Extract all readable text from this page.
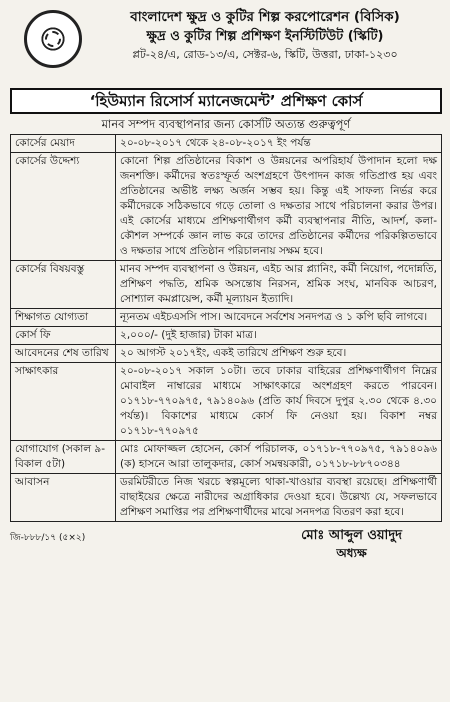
বাংলাদেশ ক্ষুদ্র ও কুটির শিল্প করপোরেশন (বিসিক)
ক্ষুদ্র ও কুটির শিল্প প্রশিক্ষণ ইনস্টিটিউট (স্কিটি)
প্লট-২৪/এ, রোড-১৩/এ, সেক্টর-৬, স্কিটি, উত্তরা, ঢাকা-১২৩০
‘হিউম্যান রিসোর্স ম্যানেজমেন্ট’ প্রশিক্ষণ কোর্স
মানব সম্পদ ব্যবস্থাপনার জন্য কোর্সটি অত্যন্ত গুরুত্বপূর্ণ
কোর্সের মেয়াদ	২০-০৮-২০১৭ থেকে ২৪-০৮-২০১৭ ইং পর্যন্ত
কোর্সের উদ্দেশ্য	কোনো শিল্প প্রতিষ্ঠানের বিকাশ ও উন্নয়নের অপরিহার্য উপাদান হলো দক্ষ জনশক্তি। কর্মীদের স্বতঃস্ফূর্ত অংশগ্রহণে উৎপাদন কাজ গতিপ্রাপ্ত হয় এবং প্রতিষ্ঠানের অভীষ্ট লক্ষ্য অর্জন সম্ভব হয়। কিন্তু এই সাফল্য নির্ভর করে কর্মীদেরকে সঠিকভাবে গড়ে তোলা ও দক্ষতার সাথে পরিচালনা করার উপর। এই কোর্সের মাধ্যমে প্রশিক্ষণার্থীগণ কর্মী ব্যবস্থাপনার নীতি, আদর্শ, কলা-কৌশল সম্পর্কে জ্ঞান লাভ করে তাদের প্রতিষ্ঠানের কর্মীদের পরিকল্পিতভাবে ও দক্ষতার সাথে প্রতিষ্ঠান পরিচালনায় সক্ষম হবে।
কোর্সের বিষয়বস্তু	মানব সম্পদ ব্যবস্থাপনা ও উন্নয়ন, এইচ আর প্ল্যানিং, কর্মী নিয়োগ, পদোন্নতি, প্রশিক্ষণ পদ্ধতি, শ্রমিক অসন্তোষ নিরসন, শ্রমিক সংঘ, মানবিক আচরণ, সোশ্যাল কমপ্লায়েন্স, কর্মী মূল্যায়ন ইত্যাদি।
শিক্ষাগত যোগ্যতা	ন্যূনতম এইচএসসি পাস। আবেদনে সর্বশেষ সনদপত্র ও ১ কপি ছবি লাগবে।
কোর্স ফি	২,০০০/- (দুই হাজার) টাকা মাত্র।
আবেদনের শেষ তারিখ	২০ আগস্ট ২০১৭ইং, একই তারিখে প্রশিক্ষণ শুরু হবে।
সাক্ষাৎকার	২০-০৮-২০১৭ সকাল ১০টা। তবে ঢাকার বাহিরের প্রশিক্ষণার্থীগণ নিম্নের মোবাইল নাম্বারের মাধ্যমে সাক্ষাৎকারে অংশগ্রহণ করতে পারবেন। ০১৭১৮-৭৭০৯৭৫, ৭৯১৪০৯৬ (প্রতি কার্য দিবসে দুপুর ২.৩০ থেকে ৪.৩০ পর্যন্ত)। বিকাশের মাধ্যমে কোর্স ফি নেওয়া হয়। বিকাশ নম্বর ০১৭১৮-৭৭০৯৭৫
যোগাযোগ (সকাল ৯-বিকাল ৫টা)	মোঃ মোফাজ্জল হোসেন, কোর্স পরিচালক, ০১৭১৮-৭৭০৯৭৫, ৭৯১৪০৯৬ (ক) হাসনে আরা তালুকদার, কোর্স সমন্বয়কারী, ০১৭১৮-৮৮৭০৩৪৪
আবাসন	ডরমিটরীতে নিজ খরচে স্বল্পমূল্যে থাকা-খাওয়ার ব্যবস্থা রয়েছে। প্রশিক্ষণার্থী বাছাইয়ের ক্ষেত্রে নারীদের অগ্রাধিকার দেওয়া হবে। উল্লেখ্য যে, সফলভাবে প্রশিক্ষণ সমাপ্তির পর প্রশিক্ষণার্থীদের মাঝে সনদপত্র বিতরণ করা হবে।
জি-৮৮৮/১৭ (৫×২)	মোঃ আব্দুল ওয়াদুদ
অধ্যক্ষ
